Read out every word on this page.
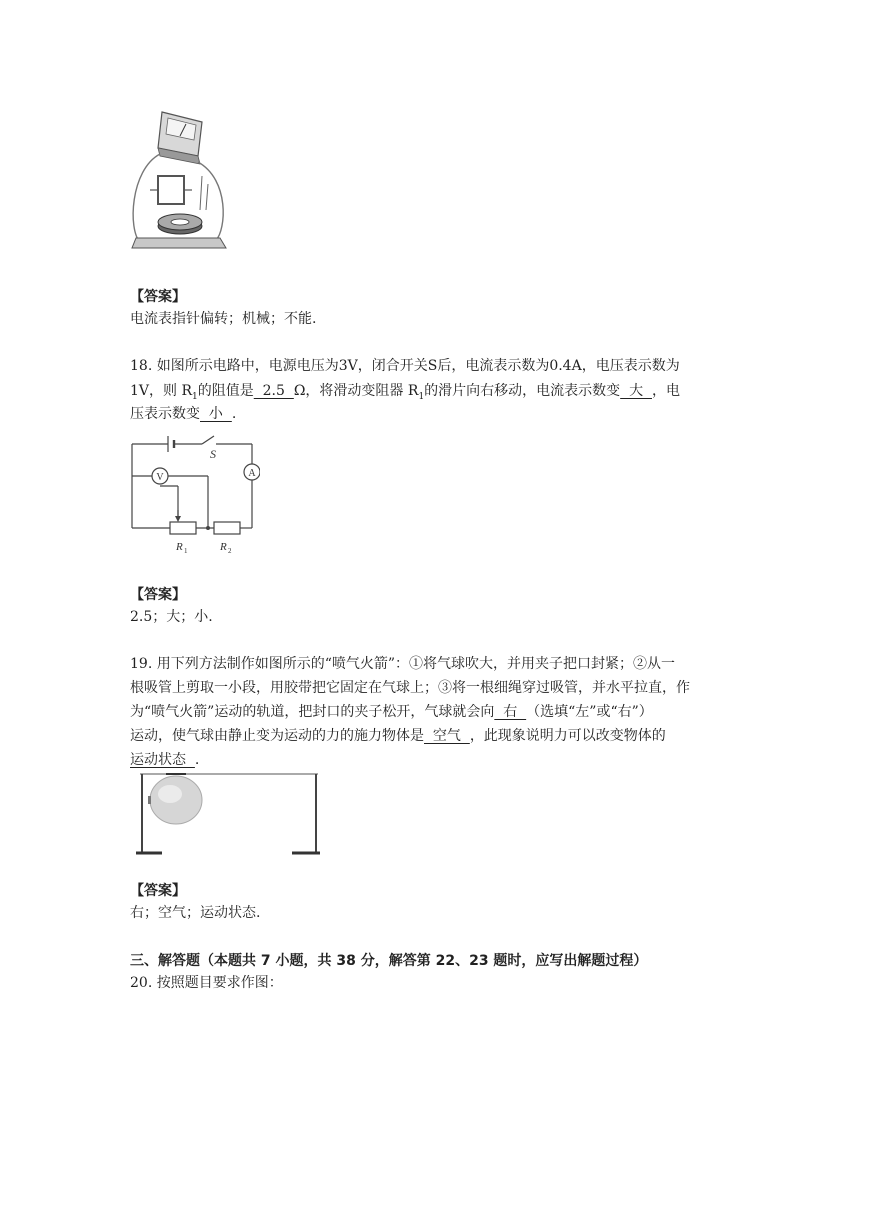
【答案】
电流表指针偏转；机械；不能.
18. 如图所示电路中，电源电压为3V，闭合开关S后，电流表示数为0.4A，电压表示数为
1V，则 $R_1$的阻值是  2.5  Ω，将滑动变阻器 $R_1$的滑片向右移动，电流表示数变  大  ，电
压表示数变  小  .
V	A
S
R 1	R 2
【答案】
2.5；大；小.
19. 用下列方法制作如图所示的“喷气火箭”：①将气球吹大，并用夹子把口封紧；②从一
根吸管上剪取一小段，用胶带把它固定在气球上；③将一根细绳穿过吸管，并水平拉直，作
为“喷气火箭”运动的轨道，把封口的夹子松开，气球就会向  右  （选填“左”或“右”）
运动，使气球由静止变为运动的力的施力物体是  空气  ，此现象说明力可以改变物体的
运动状态  .
【答案】
右；空气；运动状态.
三、解答题（本题共 7 小题，共 38 分，解答第 22、23 题时，应写出解题过程）
20. 按照题目要求作图：
